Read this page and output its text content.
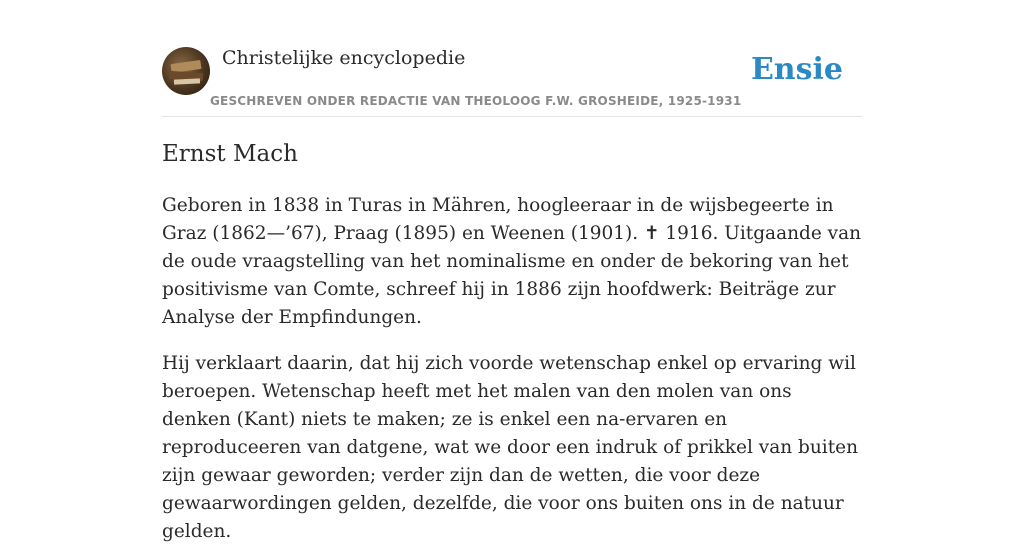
Christelijke encyclopedie
GESCHREVEN ONDER REDACTIE VAN THEOLOOG F.W. GROSHEIDE, 1925-1931
Ensie
Ernst Mach

Geboren in 1838 in Turas in Mähren, hoogleeraar in de wijsbegeerte in Graz (1862—’67), Praag (1895) en Weenen (1901). ✝ 1916. Uitgaande van de oude vraagstelling van het nominalisme en onder de bekoring van het positivisme van Comte, schreef hij in 1886 zijn hoofdwerk: Beiträge zur Analyse der Empfindungen.

Hij verklaart daarin, dat hij zich voorde wetenschap enkel op ervaring wil beroepen. Wetenschap heeft met het malen van den molen van ons denken (Kant) niets te maken; ze is enkel een na-ervaren en reproduceeren van datgene, wat we door een indruk of prikkel van buiten zijn gewaar geworden; verder zijn dan de wetten, die voor deze gewaarwordingen gelden, dezelfde, die voor ons buiten ons in de natuur gelden.
